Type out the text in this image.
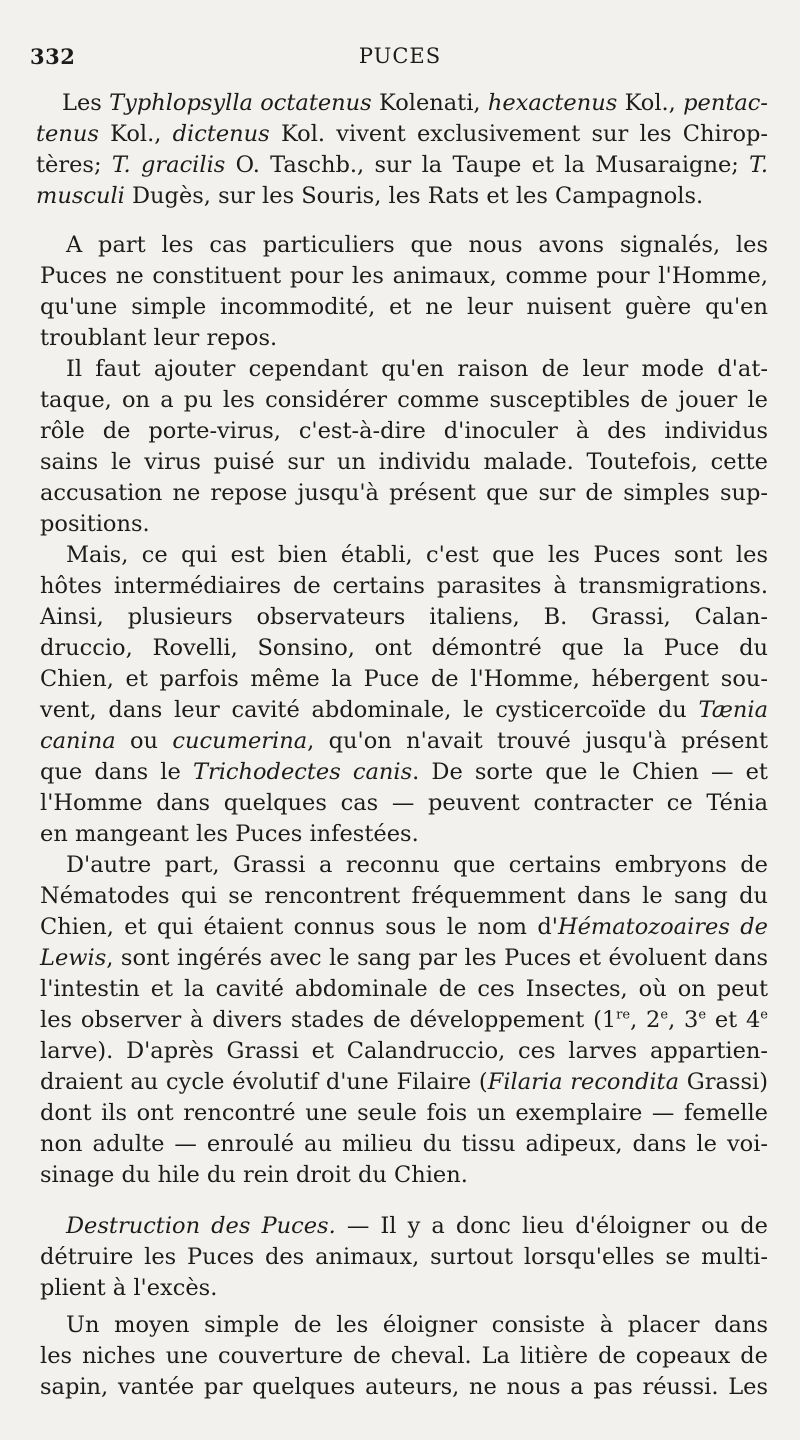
332	PUCES

Les Typhlopsylla octatenus Kolenati, hexactenus Kol., pentac-
tenus Kol., dictenus Kol. vivent exclusivement sur les Chirop-
tères; T. gracilis O. Taschb., sur la Taupe et la Musaraigne; T.
musculi Dugès, sur les Souris, les Rats et les Campagnols.

A part les cas particuliers que nous avons signalés, les
Puces ne constituent pour les animaux, comme pour l'Homme,
qu'une simple incommodité, et ne leur nuisent guère qu'en
troublant leur repos.

Il faut ajouter cependant qu'en raison de leur mode d'at-
taque, on a pu les considérer comme susceptibles de jouer le
rôle de porte-virus, c'est-à-dire d'inoculer à des individus
sains le virus puisé sur un individu malade. Toutefois, cette
accusation ne repose jusqu'à présent que sur de simples sup-
positions.

Mais, ce qui est bien établi, c'est que les Puces sont les
hôtes intermédiaires de certains parasites à transmigrations.
Ainsi, plusieurs observateurs italiens, B. Grassi, Calan-
druccio, Rovelli, Sonsino, ont démontré que la Puce du
Chien, et parfois même la Puce de l'Homme, hébergent sou-
vent, dans leur cavité abdominale, le cysticercoïde du Tænia
canina ou cucumerina, qu'on n'avait trouvé jusqu'à présent
que dans le Trichodectes canis. De sorte que le Chien — et
l'Homme dans quelques cas — peuvent contracter ce Ténia
en mangeant les Puces infestées.

D'autre part, Grassi a reconnu que certains embryons de
Nématodes qui se rencontrent fréquemment dans le sang du
Chien, et qui étaient connus sous le nom d'Hématozoaires de
Lewis, sont ingérés avec le sang par les Puces et évoluent dans
l'intestin et la cavité abdominale de ces Insectes, où on peut
les observer à divers stades de développement (1re, 2e, 3e et 4e
larve). D'après Grassi et Calandruccio, ces larves appartien-
draient au cycle évolutif d'une Filaire (Filaria recondita Grassi)
dont ils ont rencontré une seule fois un exemplaire — femelle
non adulte — enroulé au milieu du tissu adipeux, dans le voi-
sinage du hile du rein droit du Chien.

Destruction des Puces. — Il y a donc lieu d'éloigner ou de
détruire les Puces des animaux, surtout lorsqu'elles se multi-
plient à l'excès.

Un moyen simple de les éloigner consiste à placer dans
les niches une couverture de cheval. La litière de copeaux de
sapin, vantée par quelques auteurs, ne nous a pas réussi. Les
